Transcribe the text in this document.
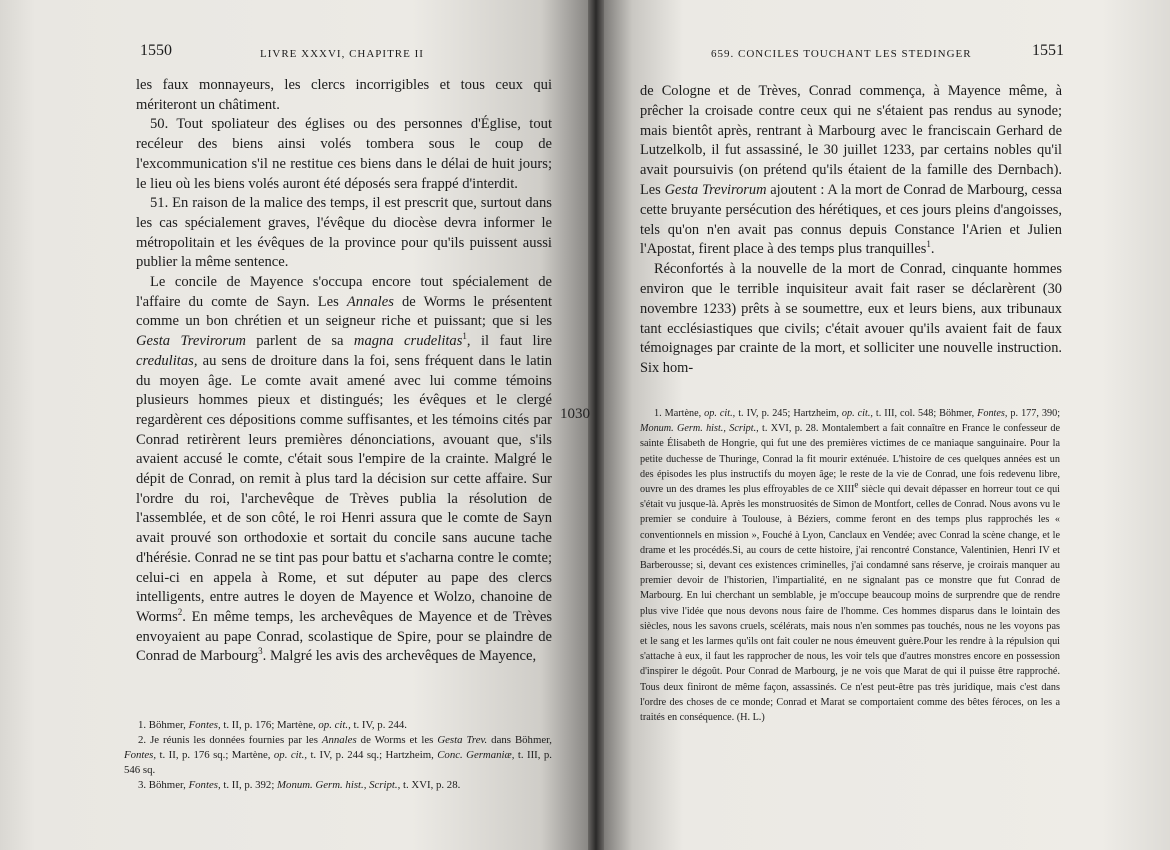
1550	LIVRE XXXVI, CHAPITRE II

les faux monnayeurs, les clercs incorrigibles et tous ceux qui mériteront un châtiment.

50. Tout spoliateur des églises ou des personnes d'Église, tout recéleur des biens ainsi volés tombera sous le coup de l'excommunication s'il ne restitue ces biens dans le délai de huit jours; le lieu où les biens volés auront été déposés sera frappé d'interdit.

51. En raison de la malice des temps, il est prescrit que, surtout dans les cas spécialement graves, l'évêque du diocèse devra informer le métropolitain et les évêques de la province pour qu'ils puissent aussi publier la même sentence.

Le concile de Mayence s'occupa encore tout spécialement de l'affaire du comte de Sayn. Les Annales de Worms le présentent comme un bon chrétien et un seigneur riche et puissant; que si les Gesta Trevirorum parlent de sa magna crudelitas$^1$, il faut lire credulitas, au sens de droiture dans la foi, sens fréquent dans le latin du moyen âge. Le comte avait amené avec lui comme témoins plusieurs hommes pieux et distingués; les évêques et le clergé regardèrent ces dépositions comme suffisantes, et les témoins cités par Conrad retirèrent leurs premières dénonciations, avouant que, s'ils avaient accusé le comte, c'était sous l'empire de la crainte. Malgré le dépit de Conrad, on remit à plus tard la décision sur cette affaire. Sur l'ordre du roi, l'archevêque de Trèves publia la résolution de l'assemblée, et de son côté, le roi Henri assura que le comte de Sayn avait prouvé son orthodoxie et sortait du concile sans aucune tache d'hérésie. Conrad ne se tint pas pour battu et s'acharna contre le comte; celui-ci en appela à Rome, et sut députer au pape des clercs intelligents, entre autres le doyen de Mayence et Wolzo, chanoine de Worms$^2$. En même temps, les archevêques de Mayence et de Trèves envoyaient au pape Conrad, scolastique de Spire, pour se plaindre de Conrad de Marbourg$^3$. Malgré les avis des archevêques de Mayence,

1. Böhmer, Fontes, t. II, p. 176; Martène, op. cit., t. IV, p. 244.

2. Je réunis les données fournies par les Annales de Worms et les Gesta Trev. dans Böhmer, Fontes, t. II, p. 176 sq.; Martène, op. cit., t. IV, p. 244 sq.; Hartzheim, Conc. Germaniæ, t. III, p. 546 sq.

3. Böhmer, Fontes, t. II, p. 392; Monum. Germ. hist., Script., t. XVI, p. 28.

1030
659. CONCILES TOUCHANT LES STEDINGER	1551

de Cologne et de Trèves, Conrad commença, à Mayence même, à prêcher la croisade contre ceux qui ne s'étaient pas rendus au synode; mais bientôt après, rentrant à Marbourg avec le franciscain Gerhard de Lutzelkolb, il fut assassiné, le 30 juillet 1233, par certains nobles qu'il avait poursuivis (on prétend qu'ils étaient de la famille des Dernbach). Les Gesta Trevirorum ajoutent : A la mort de Conrad de Marbourg, cessa cette bruyante persécution des hérétiques, et ces jours pleins d'angoisses, tels qu'on n'en avait pas connus depuis Constance l'Arien et Julien l'Apostat, firent place à des temps plus tranquilles$^1$.

Réconfortés à la nouvelle de la mort de Conrad, cinquante hommes environ que le terrible inquisiteur avait fait raser se déclarèrent (30 novembre 1233) prêts à se soumettre, eux et leurs biens, aux tribunaux tant ecclésiastiques que civils; c'était avouer qu'ils avaient fait de faux témoignages par crainte de la mort, et solliciter une nouvelle instruction. Six hom-

1. Martène, op. cit., t. IV, p. 245; Hartzheim, op. cit., t. III, col. 548; Böhmer, Fontes, p. 177, 390; Monum. Germ. hist., Script., t. XVI, p. 28. Montalembert a fait connaître en France le confesseur de sainte Élisabeth de Hongrie, qui fut une des premières victimes de ce maniaque sanguinaire. Pour la petite duchesse de Thuringe, Conrad la fit mourir exténuée. L'histoire de ces quelques années est un des épisodes les plus instructifs du moyen âge; le reste de la vie de Conrad, une fois redevenu libre, ouvre un des drames les plus effroyables de ce XIIIe siècle qui devait dépasser en horreur tout ce qui s'était vu jusque-là. Après les monstruosités de Simon de Montfort, celles de Conrad. Nous avons vu le premier se conduire à Toulouse, à Béziers, comme feront en des temps plus rapprochés les « conventionnels en mission », Fouché à Lyon, Canclaux en Vendée; avec Conrad la scène change, et le drame et les procédés.Si, au cours de cette histoire, j'ai rencontré Constance, Valentinien, Henri IV et Barberousse; si, devant ces existences criminelles, j'ai condamné sans réserve, je croirais manquer au premier devoir de l'historien, l'impartialité, en ne signalant pas ce monstre que fut Conrad de Marbourg. En lui cherchant un semblable, je m'occupe beaucoup moins de surprendre que de rendre plus vive l'idée que nous devons nous faire de l'homme. Ces hommes disparus dans le lointain des siècles, nous les savons cruels, scélérats, mais nous n'en sommes pas touchés, nous ne les voyons pas et le sang et les larmes qu'ils ont fait couler ne nous émeuvent guère.Pour les rendre à la répulsion qui s'attache à eux, il faut les rapprocher de nous, les voir tels que d'autres monstres encore en possession d'inspirer le dégoût. Pour Conrad de Marbourg, je ne vois que Marat de qui il puisse être rapproché. Tous deux finiront de même façon, assassinés. Ce n'est peut-être pas très juridique, mais c'est dans l'ordre des choses de ce monde; Conrad et Marat se comportaient comme des bêtes féroces, on les a traités en conséquence. (H. L.)
